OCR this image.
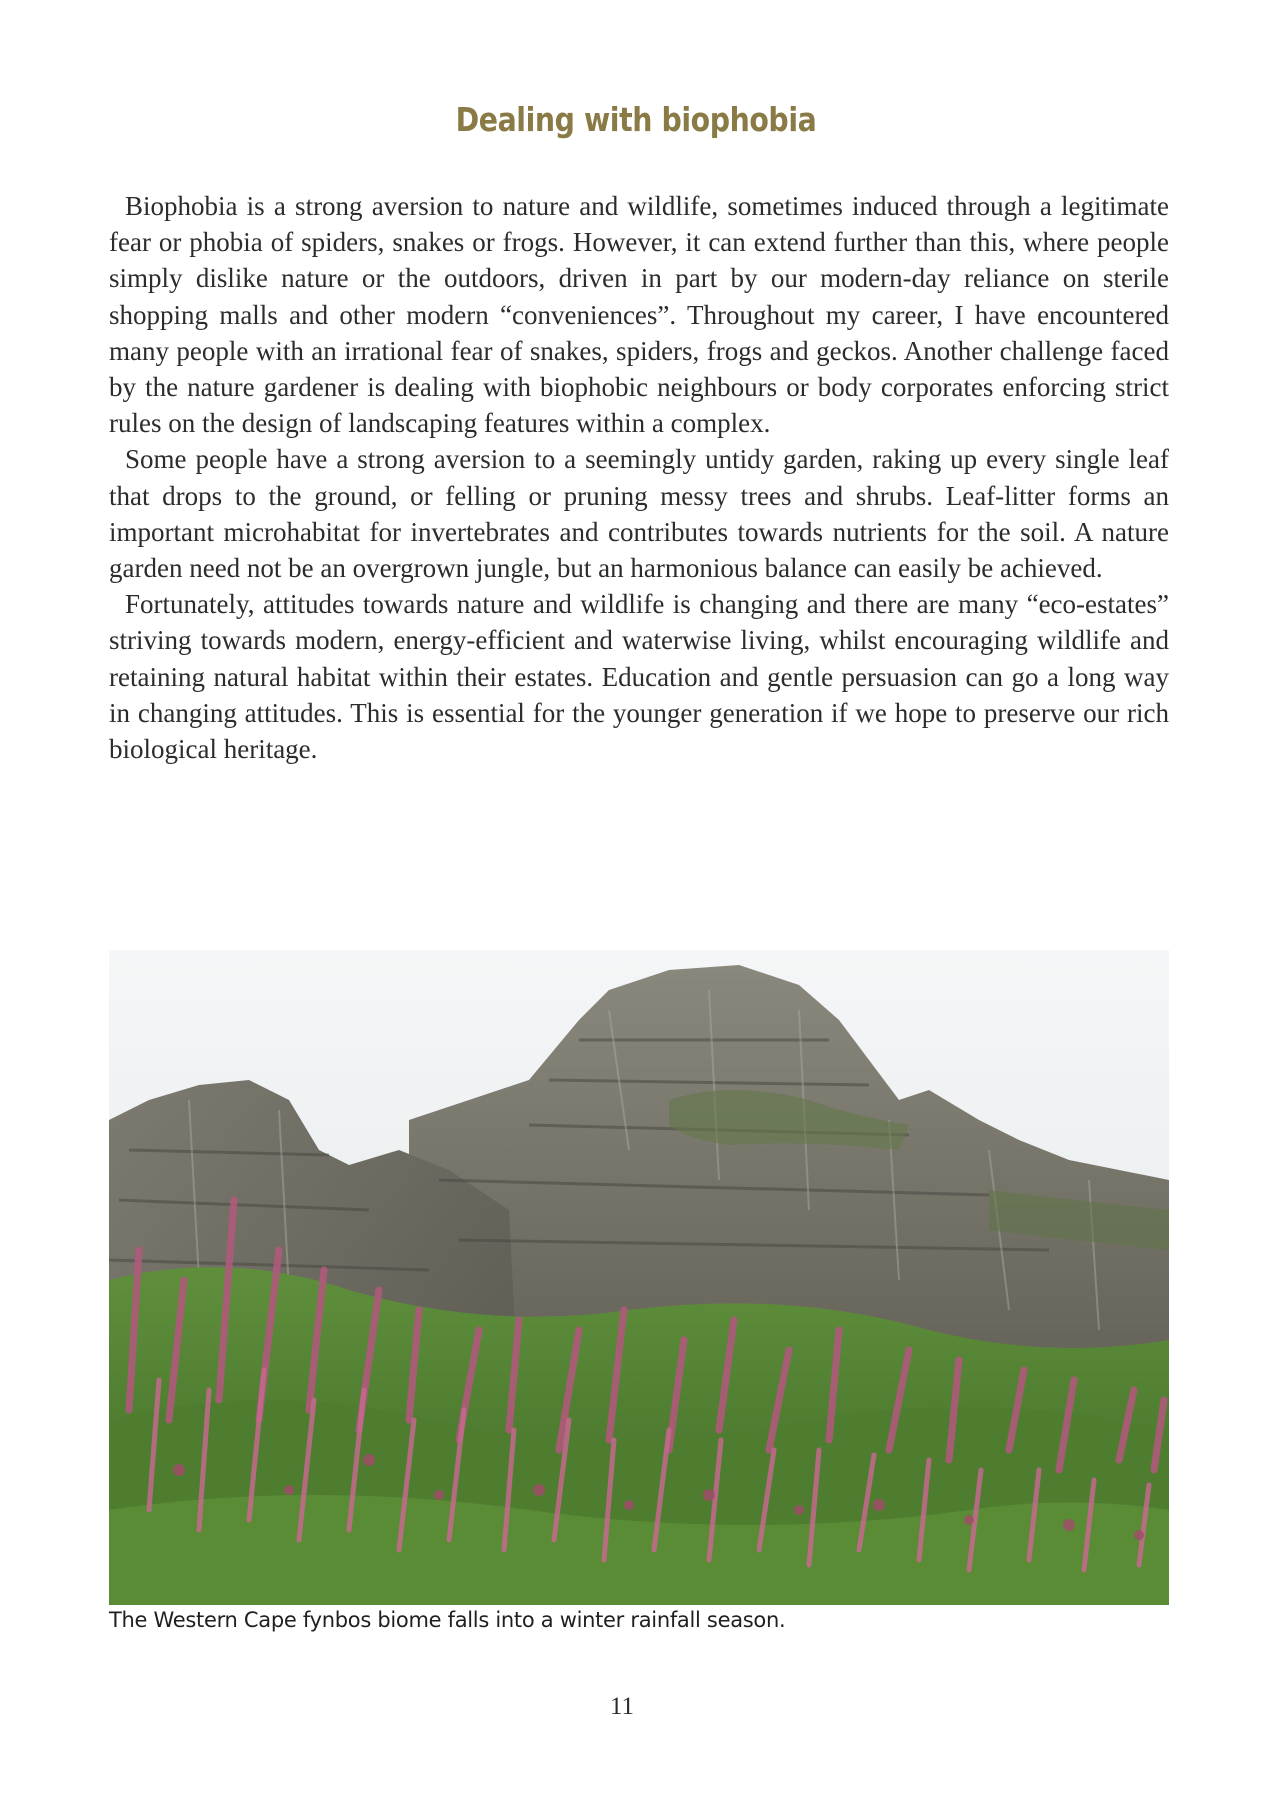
Dealing with biophobia

Biophobia is a strong aversion to nature and wildlife, sometimes induced through a legitimate fear or phobia of spiders, snakes or frogs. However, it can extend further than this, where people simply dislike nature or the outdoors, driven in part by our modern-day reliance on sterile shopping malls and other modern “conveniences”. Throughout my career, I have encountered many people with an irrational fear of snakes, spiders, frogs and geckos. Another challenge faced by the nature gardener is dealing with biophobic neighbours or body corporates enforcing strict rules on the design of landscaping features within a complex.

Some people have a strong aversion to a seemingly untidy garden, raking up every single leaf that drops to the ground, or felling or pruning messy trees and shrubs. Leaf-litter forms an important microhabitat for invertebrates and contributes towards nutrients for the soil. A nature garden need not be an overgrown jungle, but an harmonious balance can easily be achieved.

Fortunately, attitudes towards nature and wildlife is changing and there are many “eco-estates” striving towards modern, energy-efficient and waterwise living, whilst encouraging wildlife and retaining natural habitat within their estates. Education and gentle persuasion can go a long way in changing attitudes. This is essential for the younger generation if we hope to preserve our rich biological heritage.

The Western Cape fynbos biome falls into a winter rainfall season.
11
